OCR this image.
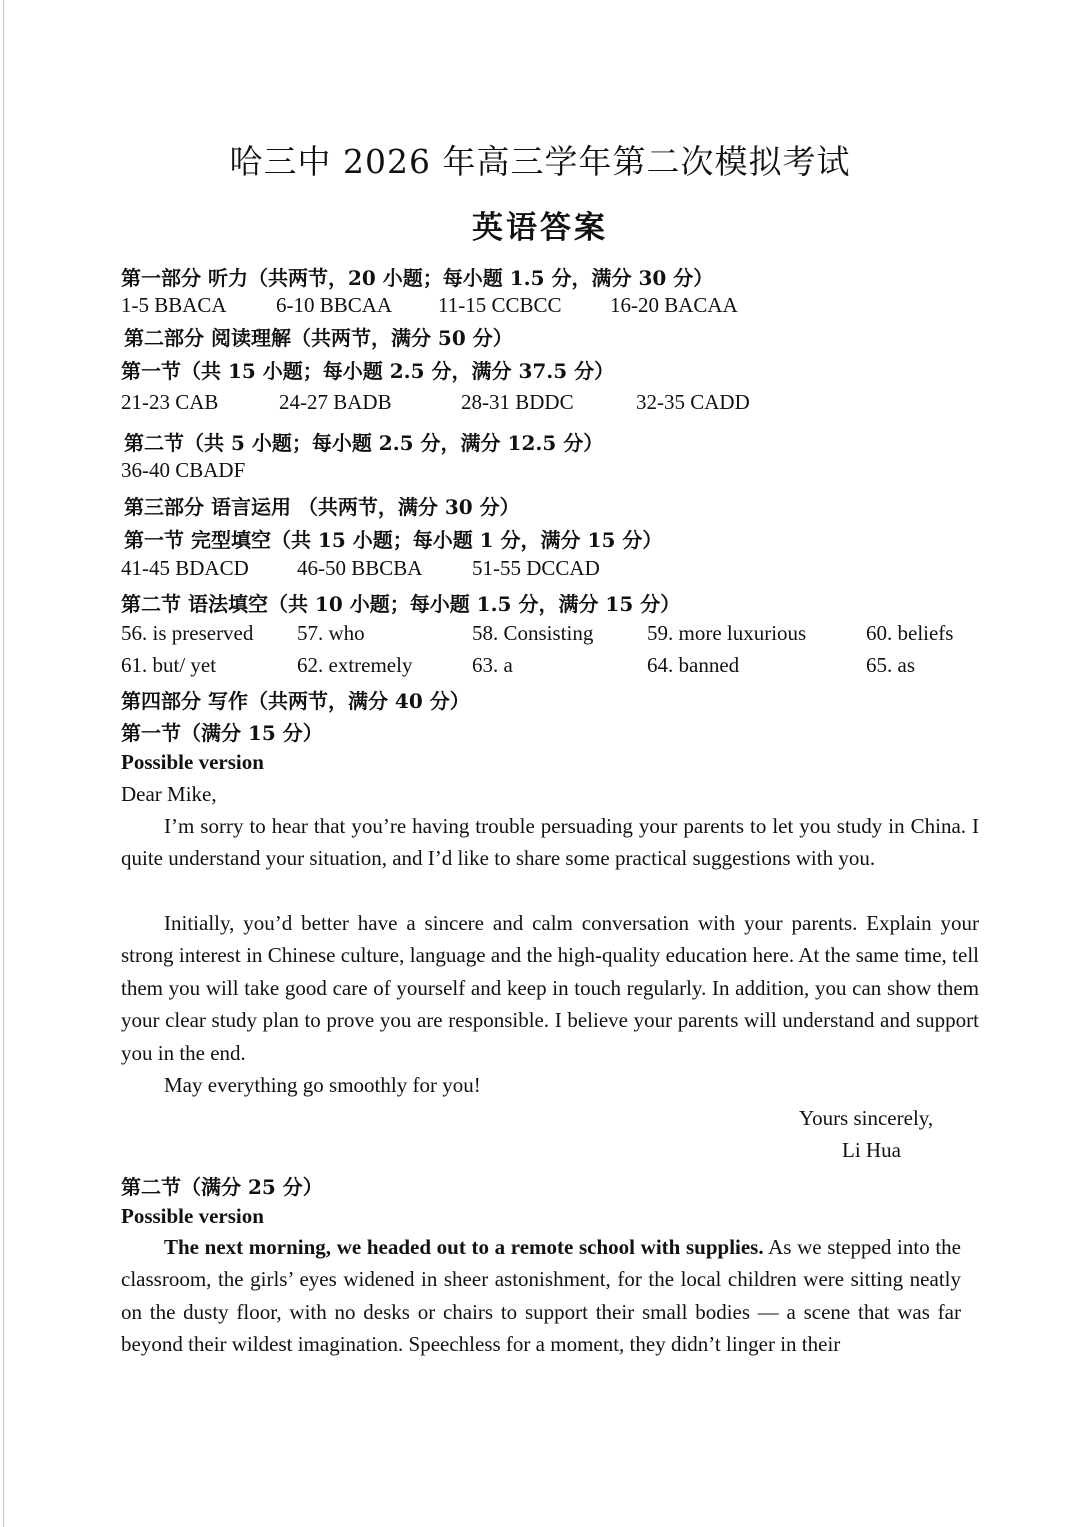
哈三中 2026 年高三学年第二次模拟考试
英语答案
第一部分 听力（共两节，20 小题；每小题 1.5 分，满分 30 分）
1-5 BBACA 6-10 BBCAA 11-15 CCBCC 16-20 BACAA
第二部分 阅读理解（共两节，满分 50 分）
第一节（共 15 小题；每小题 2.5 分，满分 37.5 分）
21-23 CAB	24-27 BADB	28-31 BDDC	32-35 CADD
第二节（共 5 小题；每小题 2.5 分，满分 12.5 分）
36-40 CBADF
第三部分 语言运用 （共两节，满分 30 分）
第一节 完型填空（共 15 小题；每小题 1 分，满分 15 分）
41-45 BDACD 46-50 BBCBA 51-55 DCCAD
第二节 语法填空（共 10 小题；每小题 1.5 分，满分 15 分）
56. is preserved 57. who	58. Consisting	59. more luxurious	60. beliefs
61. but/ yet	62. extremely	63. a	64. banned	65. as
第四部分 写作（共两节，满分 40 分）
第一节（满分 15 分）
Possible version
Dear Mike,

I’m sorry to hear that you’re having trouble persuading your parents to let you study in China. I quite understand your situation, and I’d like to share some practical suggestions with you.

Initially, you’d better have a sincere and calm conversation with your parents. Explain your strong interest in Chinese culture, language and the high-quality education here. At the same time, tell them you will take good care of yourself and keep in touch regularly. In addition, you can show them your clear study plan to prove you are responsible. I believe your parents will understand and support you in the end.

May everything go smoothly for you!

Yours sincerely,
Li Hua
第二节（满分 25 分）
Possible version

The next morning, we headed out to a remote school with supplies. As we stepped into the classroom, the girls’ eyes widened in sheer astonishment, for the local children were sitting neatly on the dusty floor, with no desks or chairs to support their small bodies — a scene that was far beyond their wildest imagination. Speechless for a moment, they didn’t linger in their
